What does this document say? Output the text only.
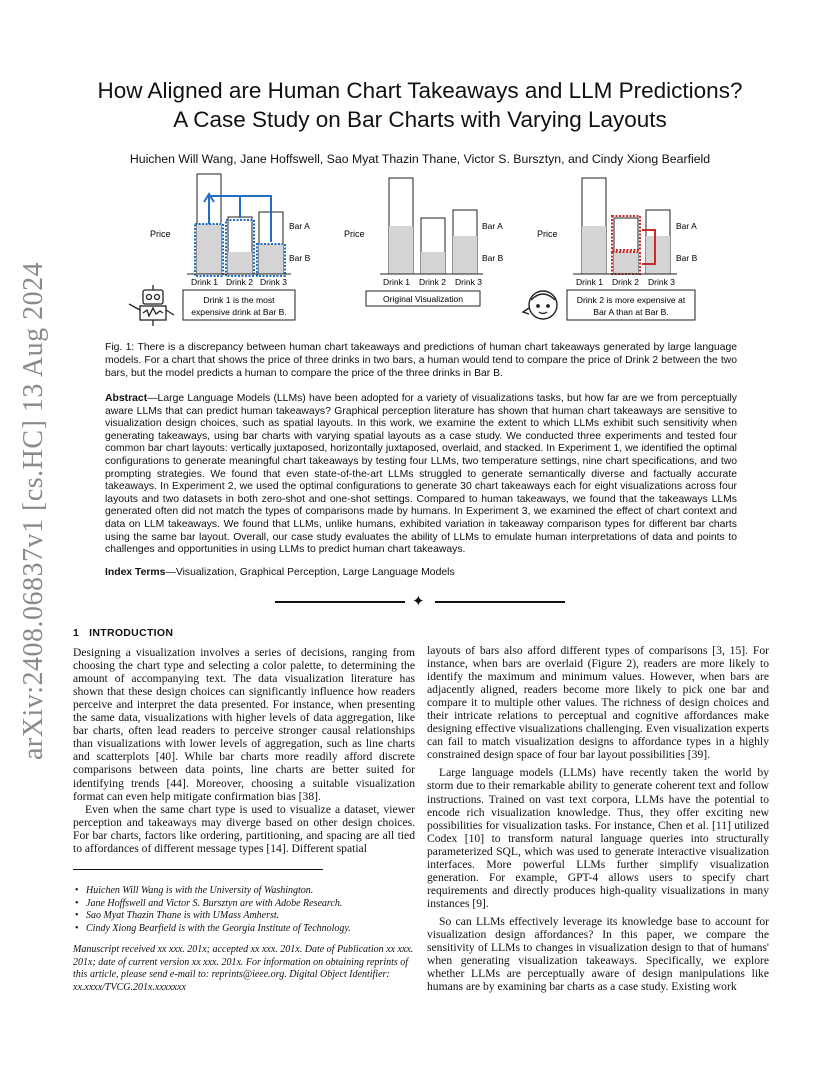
arXiv:2408.06837v1 [cs.HC] 13 Aug 2024
How Aligned are Human Chart Takeaways and LLM Predictions?
A Case Study on Bar Charts with Varying Layouts
Huichen Will Wang, Jane Hoffswell, Sao Myat Thazin Thane, Victor S. Bursztyn, and Cindy Xiong Bearfield
Price
Bar A
Bar B
Drink 1 Drink 2 Drink 3
Drink 1 is the most
expensive drink at Bar B.
Price
Bar A
Bar B
Drink 1 Drink 2 Drink 3
Original Visualization
Price
Bar A
Bar B
Drink 1 Drink 2 Drink 3
Drink 2 is more expensive at
Bar A than at Bar B.
Fig. 1: There is a discrepancy between human chart takeaways and predictions of human chart takeaways generated by large language models. For a chart that shows the price of three drinks in two bars, a human would tend to compare the price of Drink 2 between the two bars, but the model predicts a human to compare the price of the three drinks in Bar B.
Abstract—Large Language Models (LLMs) have been adopted for a variety of visualizations tasks, but how far are we from perceptually aware LLMs that can predict human takeaways? Graphical perception literature has shown that human chart takeaways are sensitive to visualization design choices, such as spatial layouts. In this work, we examine the extent to which LLMs exhibit such sensitivity when generating takeaways, using bar charts with varying spatial layouts as a case study. We conducted three experiments and tested four common bar chart layouts: vertically juxtaposed, horizontally juxtaposed, overlaid, and stacked. In Experiment 1, we identified the optimal configurations to generate meaningful chart takeaways by testing four LLMs, two temperature settings, nine chart specifications, and two prompting strategies. We found that even state-of-the-art LLMs struggled to generate semantically diverse and factually accurate takeaways. In Experiment 2, we used the optimal configurations to generate 30 chart takeaways each for eight visualizations across four layouts and two datasets in both zero-shot and one-shot settings. Compared to human takeaways, we found that the takeaways LLMs generated often did not match the types of comparisons made by humans. In Experiment 3, we examined the effect of chart context and data on LLM takeaways. We found that LLMs, unlike humans, exhibited variation in takeaway comparison types for different bar charts using the same bar layout. Overall, our case study evaluates the ability of LLMs to emulate human interpretations of data and points to challenges and opportunities in using LLMs to predict human chart takeaways.
Index Terms—Visualization, Graphical Perception, Large Language Models
✦
1 INTRODUCTION

Designing a visualization involves a series of decisions, ranging from choosing the chart type and selecting a color palette, to determining the amount of accompanying text. The data visualization literature has shown that these design choices can significantly influence how readers perceive and interpret the data presented. For instance, when presenting the same data, visualizations with higher levels of data aggregation, like bar charts, often lead readers to perceive stronger causal relationships than visualizations with lower levels of aggregation, such as line charts and scatterplots [40]. While bar charts more readily afford discrete comparisons between data points, line charts are better suited for identifying trends [44]. Moreover, choosing a suitable visualization format can even help mitigate confirmation bias [38].

Even when the same chart type is used to visualize a dataset, viewer perception and takeaways may diverge based on other design choices. For bar charts, factors like ordering, partitioning, and spacing are all tied to affordances of different message types [14]. Different spatial

• Huichen Will Wang is with the University of Washington.
• Jane Hoffswell and Victor S. Bursztyn are with Adobe Research.
• Sao Myat Thazin Thane is with UMass Amherst.
• Cindy Xiong Bearfield is with the Georgia Institute of Technology.
Manuscript received xx xxx. 201x; accepted xx xxx. 201x. Date of Publication xx xxx. 201x; date of current version xx xxx. 201x. For information on obtaining reprints of this article, please send e-mail to: reprints@ieee.org. Digital Object Identifier: xx.xxxx/TVCG.201x.xxxxxxx

layouts of bars also afford different types of comparisons [3, 15]. For instance, when bars are overlaid (Figure 2), readers are more likely to identify the maximum and minimum values. However, when bars are adjacently aligned, readers become more likely to pick one bar and compare it to multiple other values. The richness of design choices and their intricate relations to perceptual and cognitive affordances make designing effective visualizations challenging. Even visualization experts can fail to match visualization designs to affordance types in a highly constrained design space of four bar layout possibilities [39].

Large language models (LLMs) have recently taken the world by storm due to their remarkable ability to generate coherent text and follow instructions. Trained on vast text corpora, LLMs have the potential to encode rich visualization knowledge. Thus, they offer exciting new possibilities for visualization tasks. For instance, Chen et al. [11] utilized Codex [10] to transform natural language queries into structurally parameterized SQL, which was used to generate interactive visualization interfaces. More powerful LLMs further simplify visualization generation. For example, GPT-4 allows users to specify chart requirements and directly produces high-quality visualizations in many instances [9].

So can LLMs effectively leverage its knowledge base to account for visualization design affordances? In this paper, we compare the sensitivity of LLMs to changes in visualization design to that of humans' when generating visualization takeaways. Specifically, we explore whether LLMs are perceptually aware of design manipulations like humans are by examining bar charts as a case study. Existing work
